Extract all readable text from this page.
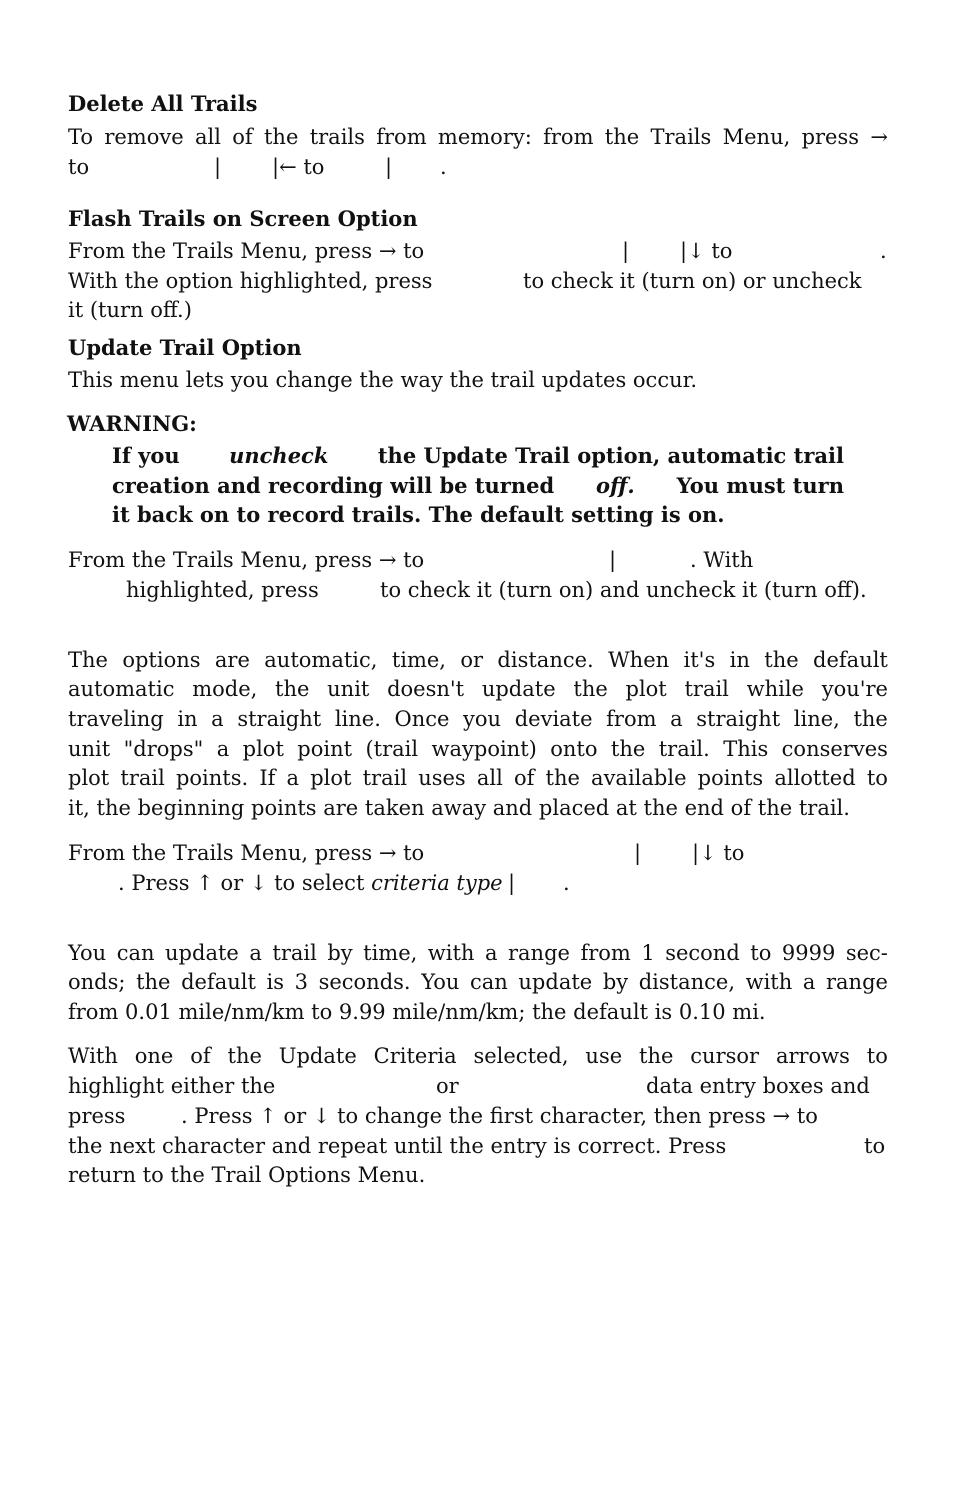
Delete All Trails
To remove all of the trails from memory: from the Trails Menu, press →
to	| |← to	| .
Flash Trails on Screen Option
From the Trails Menu, press → to	| |↓ to	.
With the option highlighted, press	to check it (turn on) or uncheck
it (turn off.)
Update Trail Option
This menu lets you change the way the trail updates occur.
WARNING:
If you uncheck the Update Trail option, automatic trail
creation and recording will be turned off. You must turn
it back on to record trails. The default setting is on.
From the Trails Menu, press → to	|	. With
highlighted, press	to check it (turn on) and uncheck it (turn off).
The options are automatic, time, or distance. When it's in the default
automatic mode, the unit doesn't update the plot trail while you're
traveling in a straight line. Once you deviate from a straight line, the
unit "drops" a plot point (trail waypoint) onto the trail. This conserves
plot trail points. If a plot trail uses all of the available points allotted to
it, the beginning points are taken away and placed at the end of the trail.
From the Trails Menu, press → to	| |↓ to
. Press ↑ or ↓ to select criteria type | .
You can update a trail by time, with a range from 1 second to 9999 sec-
onds; the default is 3 seconds. You can update by distance, with a range
from 0.01 mile/nm/km to 9.99 mile/nm/km; the default is 0.10 mi.
With one of the Update Criteria selected, use the cursor arrows to
highlight either the	or	data entry boxes and
press	. Press ↑ or ↓ to change the first character, then press → to
the next character and repeat until the entry is correct. Press	to
return to the Trail Options Menu.
